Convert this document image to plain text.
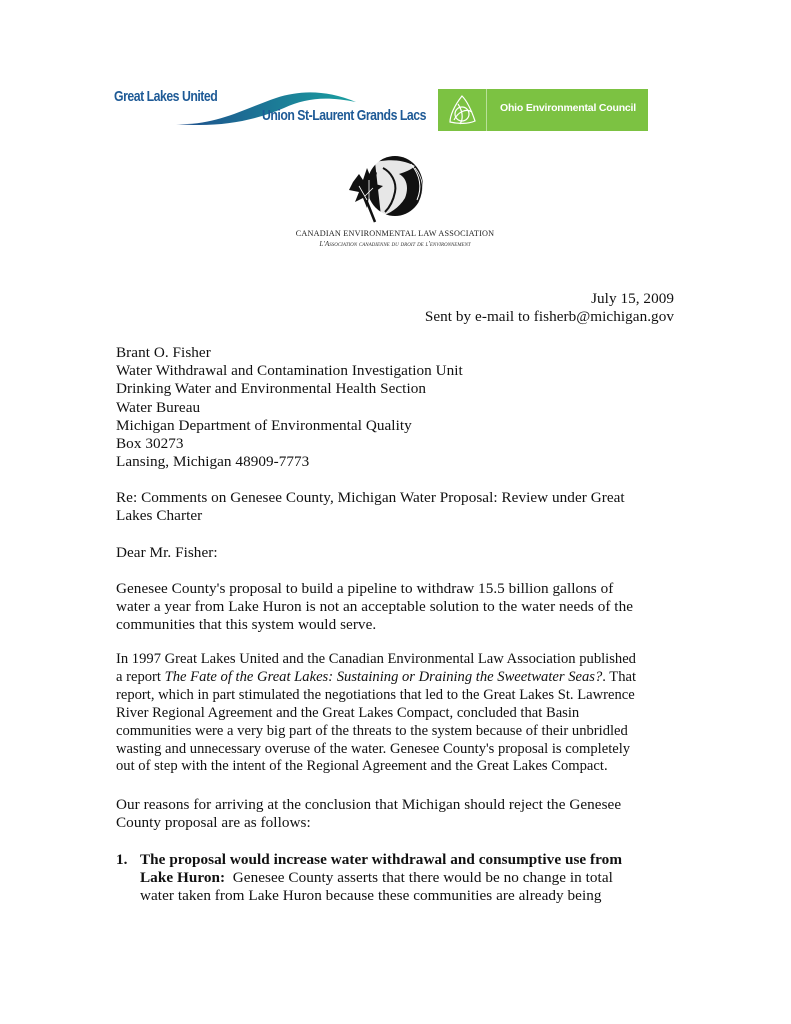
Great Lakes United
Union St-Laurent Grands Lacs	Ohio Environmental Council
CANADIAN ENVIRONMENTAL LAW ASSOCIATION
L'Association canadienne du droit de l'environnement
July 15, 2009
Sent by e-mail to fisherb@michigan.gov
Brant O. Fisher
Water Withdrawal and Contamination Investigation Unit
Drinking Water and Environmental Health Section
Water Bureau
Michigan Department of Environmental Quality
Box 30273
Lansing, Michigan 48909-7773
Re: Comments on Genesee County, Michigan Water Proposal: Review under Great
Lakes Charter
Dear Mr. Fisher:
Genesee County's proposal to build a pipeline to withdraw 15.5 billion gallons of
water a year from Lake Huron is not an acceptable solution to the water needs of the
communities that this system would serve.
In 1997 Great Lakes United and the Canadian Environmental Law Association published
a report The Fate of the Great Lakes: Sustaining or Draining the Sweetwater Seas?. That
report, which in part stimulated the negotiations that led to the Great Lakes St. Lawrence
River Regional Agreement and the Great Lakes Compact, concluded that Basin
communities were a very big part of the threats to the system because of their unbridled
wasting and unnecessary overuse of the water. Genesee County's proposal is completely
out of step with the intent of the Regional Agreement and the Great Lakes Compact.
Our reasons for arriving at the conclusion that Michigan should reject the Genesee
County proposal are as follows:
1. The proposal would increase water withdrawal and consumptive use from
Lake Huron:  Genesee County asserts that there would be no change in total
water taken from Lake Huron because these communities are already being
